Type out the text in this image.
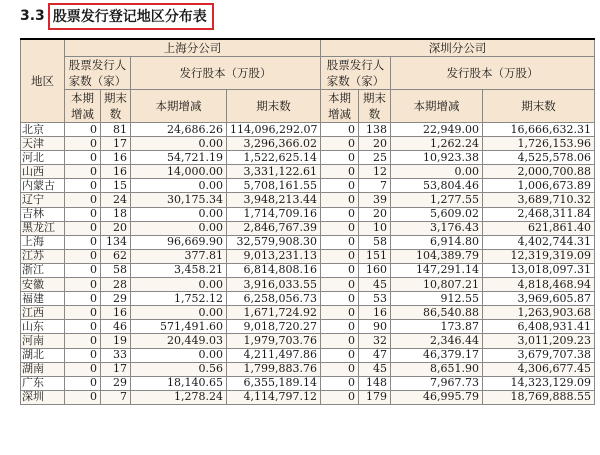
3.3 股票发行登记地区分布表
地区	上海分公司				深圳分公司			
	股票发行人家数（家）		发行股本（万股）		股票发行人家数（家）		发行股本（万股）	
	本期增减	期末数	本期增减	期末数	本期增减	期末数	本期增减	期末数
北京	0	81	24,686.26	114,096,292.07	0	138	22,949.00	16,666,632.31
天津	0	17	0.00	3,296,366.02	0	20	1,262.24	1,726,153.96
河北	0	16	54,721.19	1,522,625.14	0	25	10,923.38	4,525,578.06
山西	0	16	14,000.00	3,331,122.61	0	12	0.00	2,000,700.88
内蒙古	0	15	0.00	5,708,161.55	0	7	53,804.46	1,006,673.89
辽宁	0	24	30,175.34	3,948,213.44	0	39	1,277.55	3,689,710.32
吉林	0	18	0.00	1,714,709.16	0	20	5,609.02	2,468,311.84
黑龙江	0	20	0.00	2,846,767.39	0	10	3,176.43	621,861.40
上海	0	134	96,669.90	32,579,908.30	0	58	6,914.80	4,402,744.31
江苏	0	62	377.81	9,013,231.13	0	151	104,389.79	12,319,319.09
浙江	0	58	3,458.21	6,814,808.16	0	160	147,291.14	13,018,097.31
安徽	0	28	0.00	3,916,033.55	0	45	10,807.21	4,818,468.94
福建	0	29	1,752.12	6,258,056.73	0	53	912.55	3,969,605.87
江西	0	16	0.00	1,671,724.92	0	16	86,540.88	1,263,903.68
山东	0	46	571,491.60	9,018,720.27	0	90	173.87	6,408,931.41
河南	0	19	20,449.03	1,979,703.76	0	32	2,346.44	3,011,209.23
湖北	0	33	0.00	4,211,497.86	0	47	46,379.17	3,679,707.38
湖南	0	17	0.56	1,799,883.76	0	45	8,651.90	4,306,677.45
广东	0	29	18,140.65	6,355,189.14	0	148	7,967.73	14,323,129.09
深圳	0	7	1,278.24	4,114,797.12	0	179	46,995.79	18,769,888.55
